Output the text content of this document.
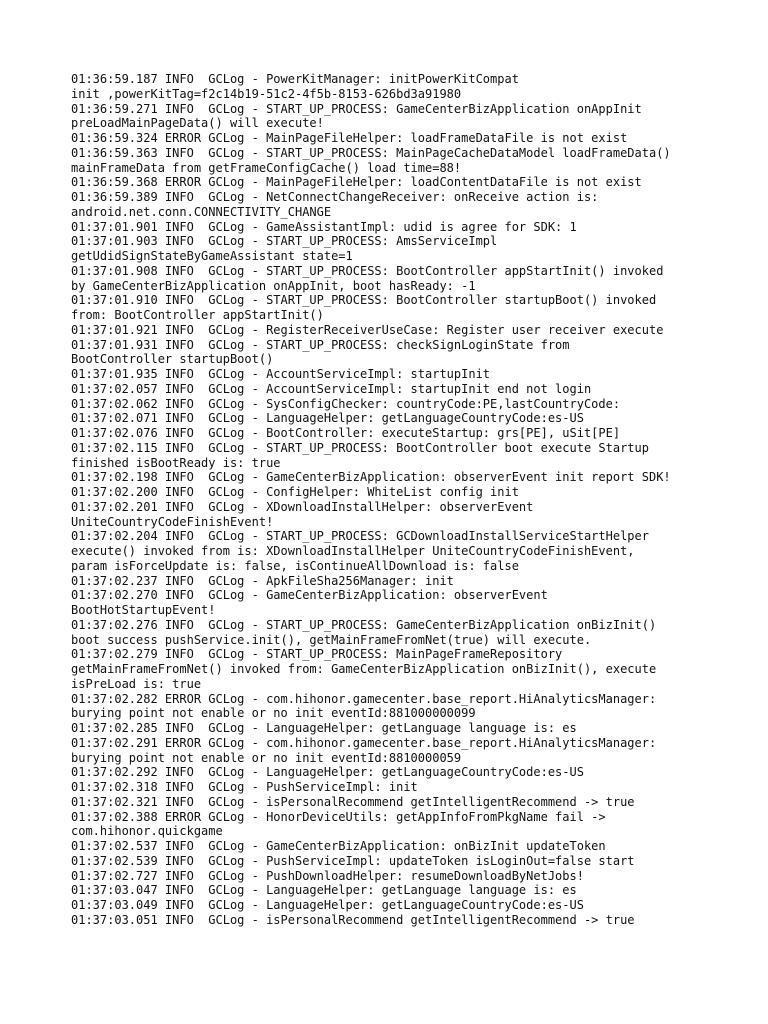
01:36:59.187 INFO  GCLog - PowerKitManager: initPowerKitCompat
init ,powerKitTag=f2c14b19-51c2-4f5b-8153-626bd3a91980
01:36:59.271 INFO  GCLog - START_UP_PROCESS: GameCenterBizApplication onAppInit
preLoadMainPageData() will execute!
01:36:59.324 ERROR GCLog - MainPageFileHelper: loadFrameDataFile is not exist
01:36:59.363 INFO  GCLog - START_UP_PROCESS: MainPageCacheDataModel loadFrameData()
mainFrameData from getFrameConfigCache() load time=88!
01:36:59.368 ERROR GCLog - MainPageFileHelper: loadContentDataFile is not exist
01:36:59.389 INFO  GCLog - NetConnectChangeReceiver: onReceive action is:
android.net.conn.CONNECTIVITY_CHANGE
01:37:01.901 INFO  GCLog - GameAssistantImpl: udid is agree for SDK: 1
01:37:01.903 INFO  GCLog - START_UP_PROCESS: AmsServiceImpl
getUdidSignStateByGameAssistant state=1
01:37:01.908 INFO  GCLog - START_UP_PROCESS: BootController appStartInit() invoked
by GameCenterBizApplication onAppInit, boot hasReady: -1
01:37:01.910 INFO  GCLog - START_UP_PROCESS: BootController startupBoot() invoked
from: BootController appStartInit()
01:37:01.921 INFO  GCLog - RegisterReceiverUseCase: Register user receiver execute
01:37:01.931 INFO  GCLog - START_UP_PROCESS: checkSignLoginState from
BootController startupBoot()
01:37:01.935 INFO  GCLog - AccountServiceImpl: startupInit
01:37:02.057 INFO  GCLog - AccountServiceImpl: startupInit end not login
01:37:02.062 INFO  GCLog - SysConfigChecker: countryCode:PE,lastCountryCode:
01:37:02.071 INFO  GCLog - LanguageHelper: getLanguageCountryCode:es-US
01:37:02.076 INFO  GCLog - BootController: executeStartup: grs[PE], uSit[PE]
01:37:02.115 INFO  GCLog - START_UP_PROCESS: BootController boot execute Startup
finished isBootReady is: true
01:37:02.198 INFO  GCLog - GameCenterBizApplication: observerEvent init report SDK!
01:37:02.200 INFO  GCLog - ConfigHelper: WhiteList config init
01:37:02.201 INFO  GCLog - XDownloadInstallHelper: observerEvent
UniteCountryCodeFinishEvent!
01:37:02.204 INFO  GCLog - START_UP_PROCESS: GCDownloadInstallServiceStartHelper
execute() invoked from is: XDownloadInstallHelper UniteCountryCodeFinishEvent,
param isForceUpdate is: false, isContinueAllDownload is: false
01:37:02.237 INFO  GCLog - ApkFileSha256Manager: init
01:37:02.270 INFO  GCLog - GameCenterBizApplication: observerEvent
BootHotStartupEvent!
01:37:02.276 INFO  GCLog - START_UP_PROCESS: GameCenterBizApplication onBizInit()
boot success pushService.init(), getMainFrameFromNet(true) will execute.
01:37:02.279 INFO  GCLog - START_UP_PROCESS: MainPageFrameRepository
getMainFrameFromNet() invoked from: GameCenterBizApplication onBizInit(), execute
isPreLoad is: true
01:37:02.282 ERROR GCLog - com.hihonor.gamecenter.base_report.HiAnalyticsManager:
burying point not enable or no init eventId:881000000099
01:37:02.285 INFO  GCLog - LanguageHelper: getLanguage language is: es
01:37:02.291 ERROR GCLog - com.hihonor.gamecenter.base_report.HiAnalyticsManager:
burying point not enable or no init eventId:8810000059
01:37:02.292 INFO  GCLog - LanguageHelper: getLanguageCountryCode:es-US
01:37:02.318 INFO  GCLog - PushServiceImpl: init
01:37:02.321 INFO  GCLog - isPersonalRecommend getIntelligentRecommend -> true
01:37:02.388 ERROR GCLog - HonorDeviceUtils: getAppInfoFromPkgName fail ->
com.hihonor.quickgame
01:37:02.537 INFO  GCLog - GameCenterBizApplication: onBizInit updateToken
01:37:02.539 INFO  GCLog - PushServiceImpl: updateToken isLoginOut=false start
01:37:02.727 INFO  GCLog - PushDownloadHelper: resumeDownloadByNetJobs!
01:37:03.047 INFO  GCLog - LanguageHelper: getLanguage language is: es
01:37:03.049 INFO  GCLog - LanguageHelper: getLanguageCountryCode:es-US
01:37:03.051 INFO  GCLog - isPersonalRecommend getIntelligentRecommend -> true
